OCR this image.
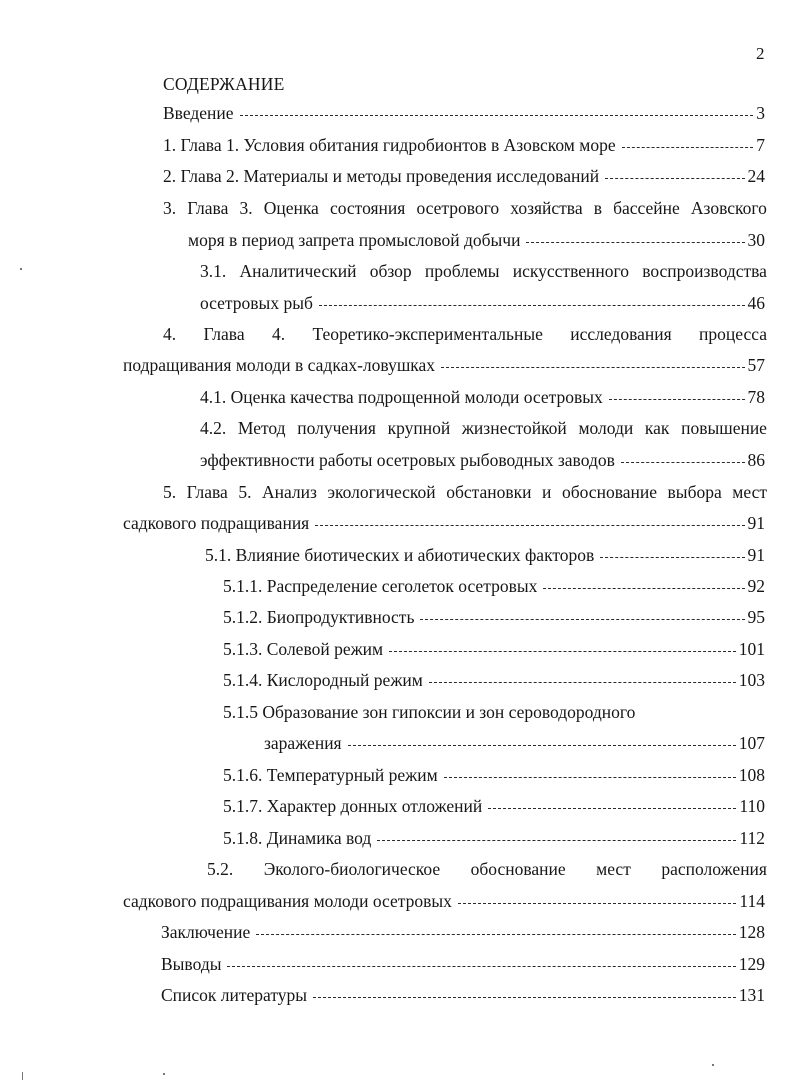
2
СОДЕРЖАНИЕ
Введение	3
1. Глава 1. Условия обитания гидробионтов в Азовском море	7
2. Глава 2. Материалы и методы проведения исследований	24
3. Глава 3. Оценка состояния осетрового хозяйства в бассейне Азовского
моря в период запрета промысловой добычи	30
3.1. Аналитический обзор проблемы искусственного воспроизводства
осетровых рыб	46
4. Глава 4. Теоретико-экспериментальные исследования процесса
подращивания молоди в садках-ловушках	57
4.1. Оценка качества подрощенной молоди осетровых	78
4.2. Метод получения крупной жизнестойкой молоди как повышение
эффективности работы осетровых рыбоводных заводов	86
5. Глава 5. Анализ экологической обстановки и обоснование выбора мест
садкового подращивания	91
5.1. Влияние биотических и абиотических факторов	91
5.1.1. Распределение сеголеток осетровых	92
5.1.2. Биопродуктивность	95
5.1.3. Солевой режим	101
5.1.4. Кислородный режим	103
5.1.5 Образование зон гипоксии и зон сероводородного
заражения	107
5.1.6. Температурный режим	108
5.1.7. Характер донных отложений	110
5.1.8. Динамика вод	112
5.2. Эколого-биологическое обоснование мест расположения
садкового подращивания молоди осетровых	114
Заключение	128
Выводы	129
Список литературы	131
